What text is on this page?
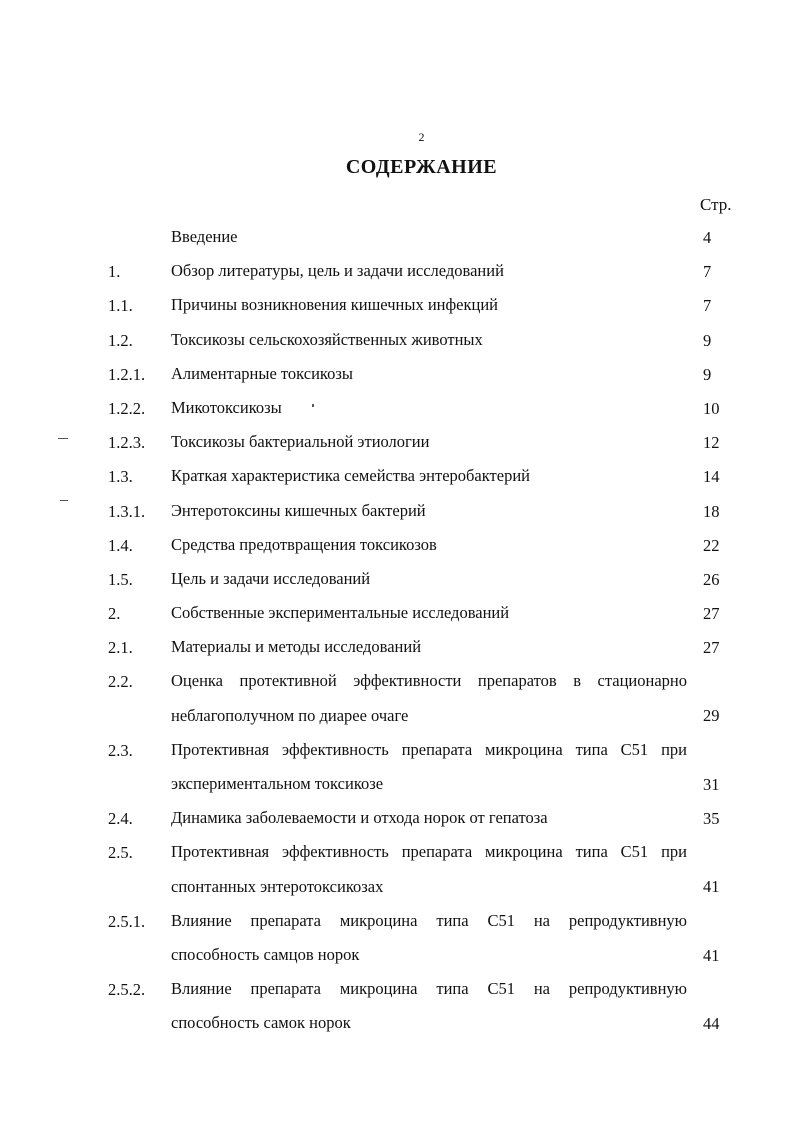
2
СОДЕРЖАНИЕ
Стр.
Введение	4
1.	Обзор литературы, цель и задачи исследований	7
1.1. Причины возникновения кишечных инфекций	7
1.2. Токсикозы сельскохозяйственных животных	9
1.2.1. Алиментарные токсикозы	9
1.2.2. Микотоксикозы	10
1.2.3. Токсикозы бактериальной этиологии	12
1.3. Краткая характеристика семейства энтеробактерий	14
1.3.1. Энтеротоксины кишечных бактерий	18
1.4. Средства предотвращения токсикозов	22
1.5. Цель и задачи исследований	26
2.	Собственные экспериментальные исследований	27
2.1. Материалы и методы исследований	27
2.2. Оценка протективной эффективности препаратов в стационарно неблагополучном по диарее очаге	29
2.3. Протективная эффективность препарата микроцина типа С51 при экспериментальном токсикозе	31
2.4. Динамика заболеваемости и отхода норок от гепатоза	35
2.5. Протективная эффективность препарата микроцина типа С51 при спонтанных энтеротоксикозах	41
2.5.1. Влияние препарата микроцина типа С51 на репродуктивную способность самцов норок	41
2.5.2. Влияние препарата микроцина типа С51 на репродуктивную способность самок норок	44
